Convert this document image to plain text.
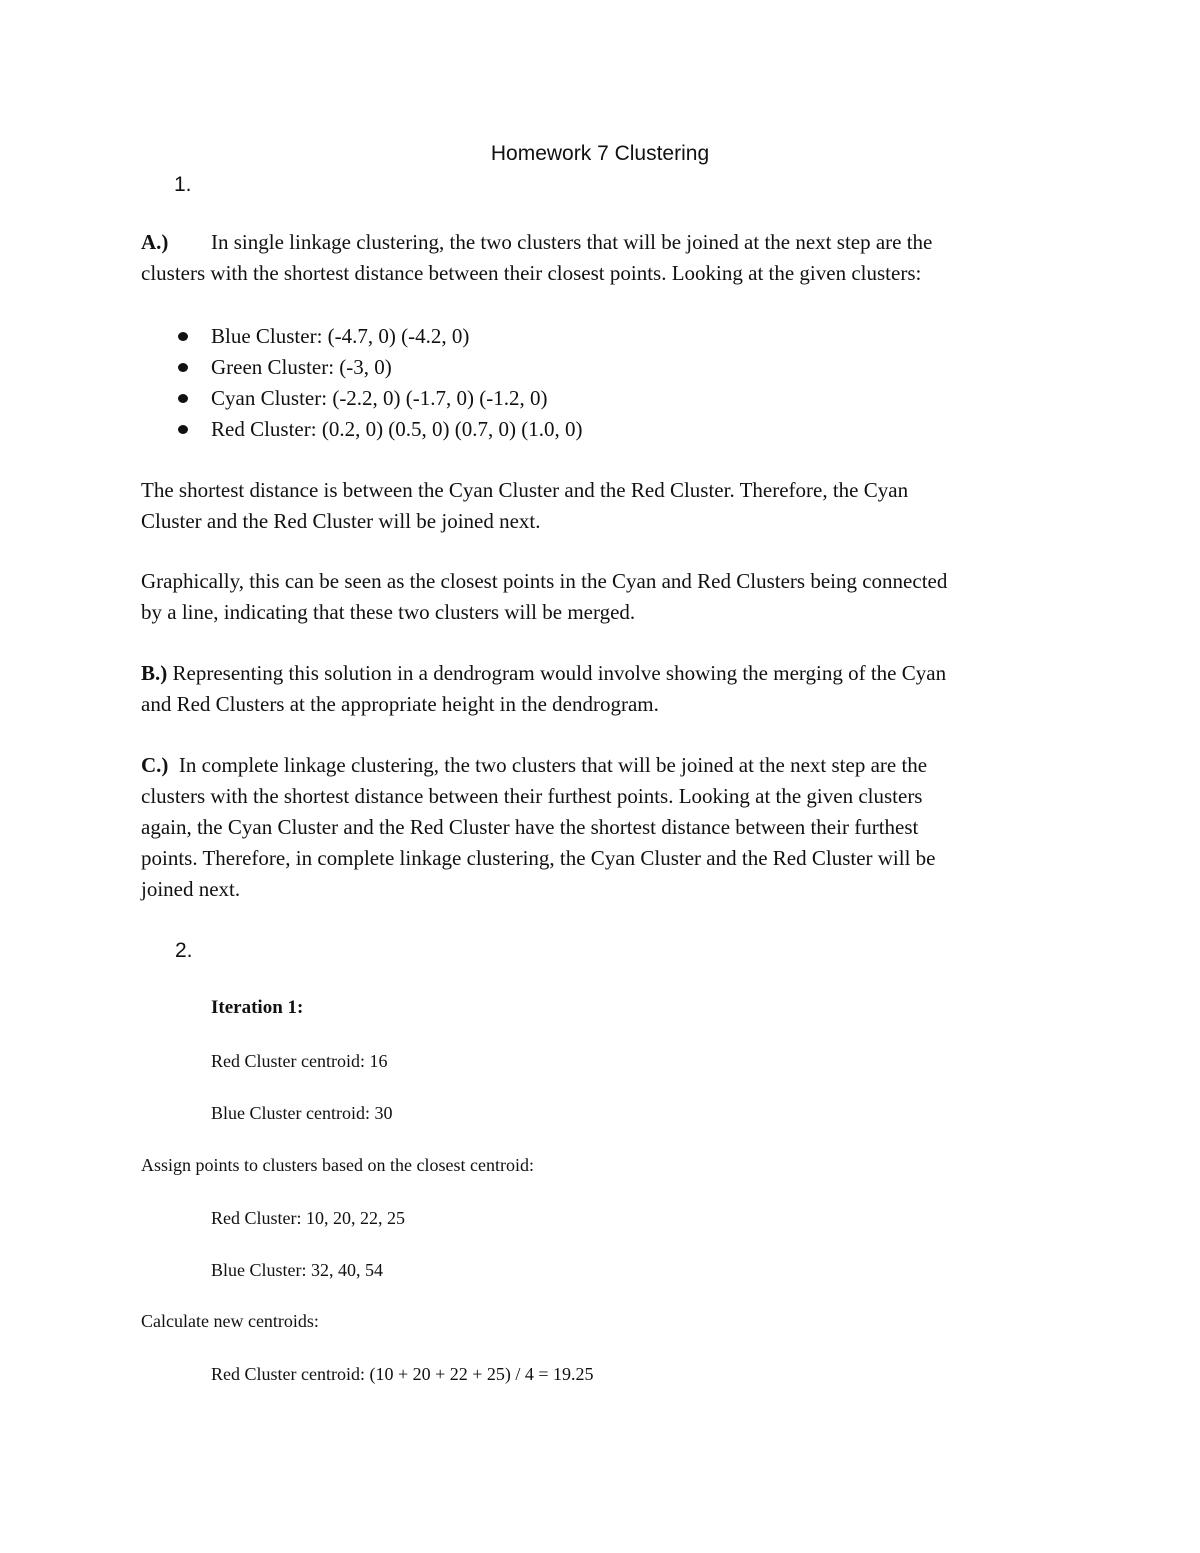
Homework 7 Clustering
1.
A.) In single linkage clustering, the two clusters that will be joined at the next step are the
clusters with the shortest distance between their closest points. Looking at the given clusters:
Blue Cluster: (-4.7, 0) (-4.2, 0)
Green Cluster: (-3, 0)
Cyan Cluster: (-2.2, 0) (-1.7, 0) (-1.2, 0)
Red Cluster: (0.2, 0) (0.5, 0) (0.7, 0) (1.0, 0)
The shortest distance is between the Cyan Cluster and the Red Cluster. Therefore, the Cyan
Cluster and the Red Cluster will be joined next.
Graphically, this can be seen as the closest points in the Cyan and Red Clusters being connected
by a line, indicating that these two clusters will be merged.
B.) Representing this solution in a dendrogram would involve showing the merging of the Cyan
and Red Clusters at the appropriate height in the dendrogram.
C.)  In complete linkage clustering, the two clusters that will be joined at the next step are the
clusters with the shortest distance between their furthest points. Looking at the given clusters
again, the Cyan Cluster and the Red Cluster have the shortest distance between their furthest
points. Therefore, in complete linkage clustering, the Cyan Cluster and the Red Cluster will be
joined next.
2.
Iteration 1:
Red Cluster centroid: 16
Blue Cluster centroid: 30
Assign points to clusters based on the closest centroid:
Red Cluster: 10, 20, 22, 25
Blue Cluster: 32, 40, 54
Calculate new centroids:
Red Cluster centroid: (10 + 20 + 22 + 25) / 4 = 19.25
